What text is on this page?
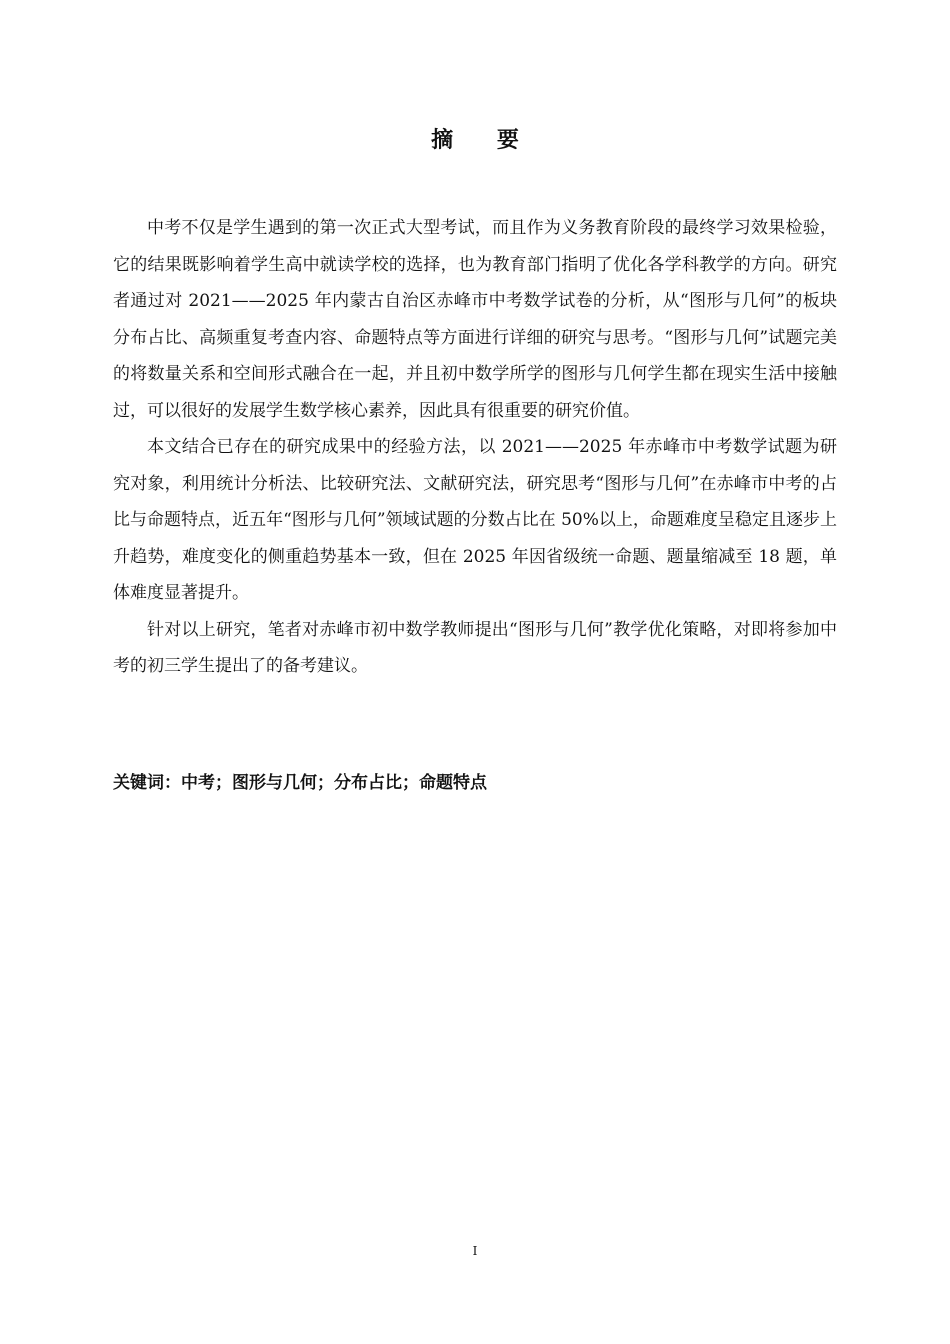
摘 要

中考不仅是学生遇到的第一次正式大型考试，而且作为义务教育阶段的最终学习效果检验，它的结果既影响着学生高中就读学校的选择，也为教育部门指明了优化各学科教学的方向。研究者通过对 2021——2025 年内蒙古自治区赤峰市中考数学试卷的分析，从“图形与几何”的板块分布占比、高频重复考查内容、命题特点等方面进行详细的研究与思考。“图形与几何”试题完美的将数量关系和空间形式融合在一起，并且初中数学所学的图形与几何学生都在现实生活中接触过，可以很好的发展学生数学核心素养，因此具有很重要的研究价值。

本文结合已存在的研究成果中的经验方法，以 2021——2025 年赤峰市中考数学试题为研究对象，利用统计分析法、比较研究法、文献研究法，研究思考“图形与几何”在赤峰市中考的占比与命题特点，近五年“图形与几何”领域试题的分数占比在 50%以上，命题难度呈稳定且逐步上升趋势，难度变化的侧重趋势基本一致，但在 2025 年因省级统一命题、题量缩减至 18 题，单体难度显著提升。

针对以上研究，笔者对赤峰市初中数学教师提出“图形与几何”教学优化策略，对即将参加中考的初三学生提出了的备考建议。

关键词：中考；图形与几何；分布占比；命题特点
I
